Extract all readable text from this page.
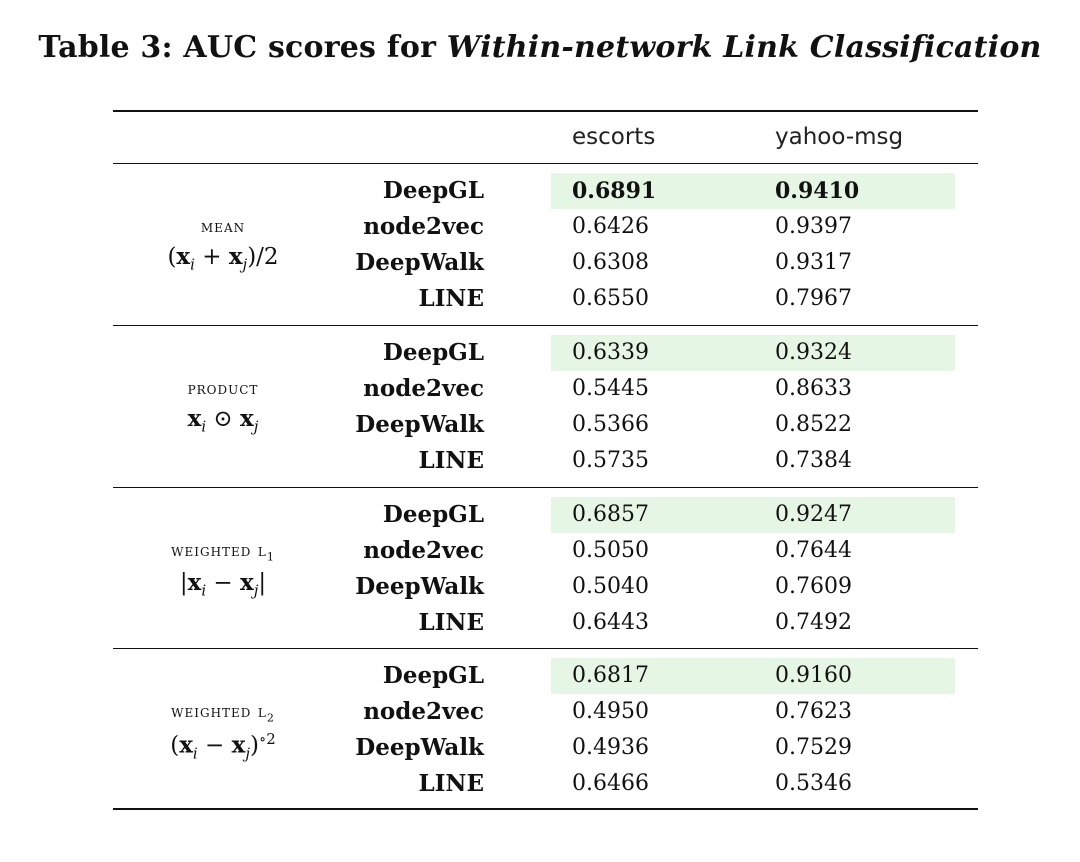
Table 3: AUC scores for Within-network Link Classification
escorts	yahoo-msg
mean
$(x_i + x_j)/2$
DeepGL	0.6891	0.9410
node2vec	0.6426	0.9397
DeepWalk	0.6308	0.9317
LINE	0.6550	0.7967
product
$x_i$ ⊙ $x_j$
DeepGL	0.6339	0.9324
node2vec	0.5445	0.8633
DeepWalk	0.5366	0.8522
LINE	0.5735	0.7384
weighted $l_1$
$|x_i - x_j|$
DeepGL	0.6857	0.9247
node2vec	0.5050	0.7644
DeepWalk	0.5040	0.7609
LINE	0.6443	0.7492
weighted $l_2$
$(x_i - x_j)^{\circ 2}$
DeepGL	0.6817	0.9160
node2vec	0.4950	0.7623
DeepWalk	0.4936	0.7529
LINE	0.6466	0.5346
